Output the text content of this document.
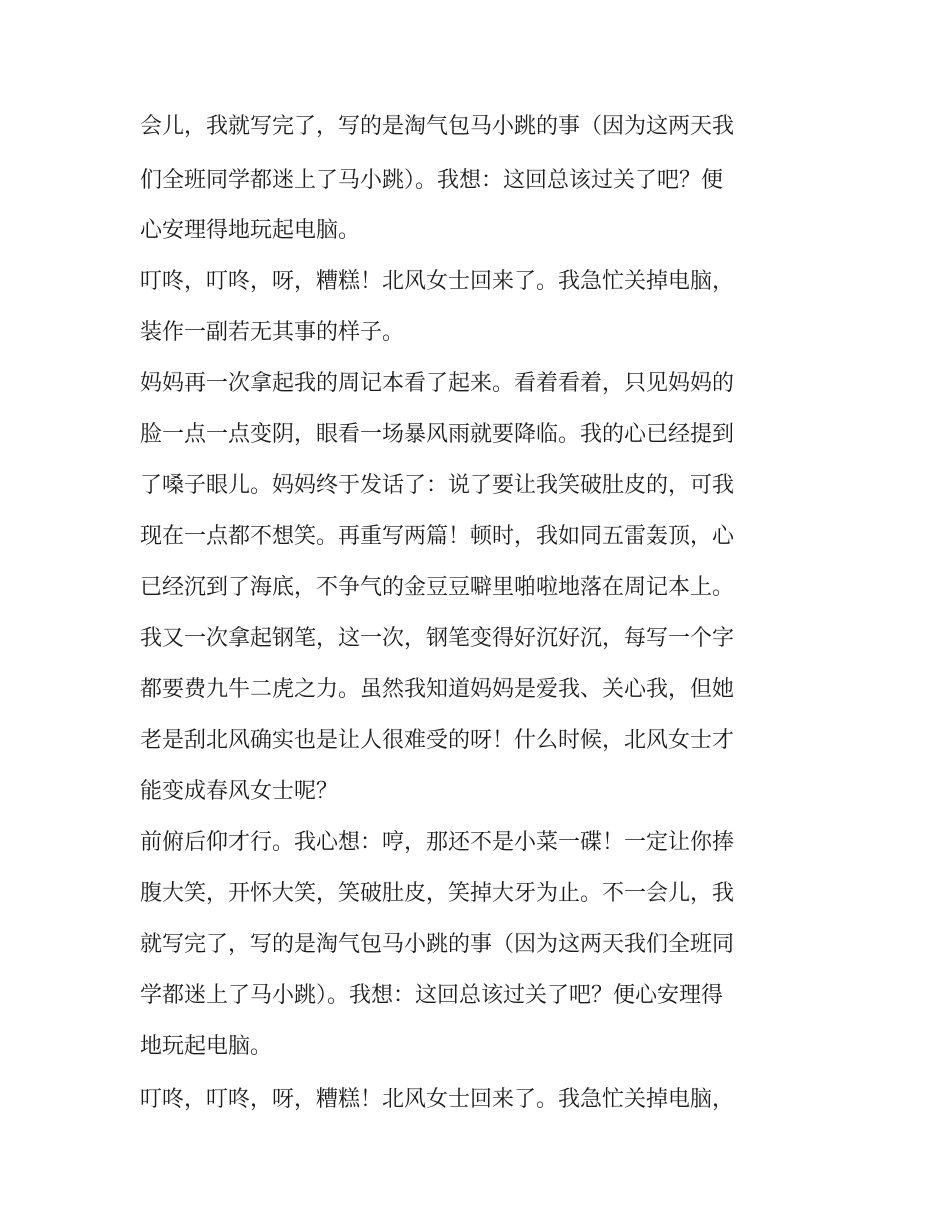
会儿，我就写完了，写的是淘气包马小跳的事（因为这两天我
们全班同学都迷上了马小跳）。我想：这回总该过关了吧？便
心安理得地玩起电脑。
叮咚，叮咚，呀，糟糕！北风女士回来了。我急忙关掉电脑，
装作一副若无其事的样子。
妈妈再一次拿起我的周记本看了起来。看着看着，只见妈妈的
脸一点一点变阴，眼看一场暴风雨就要降临。我的心已经提到
了嗓子眼儿。妈妈终于发话了：说了要让我笑破肚皮的，可我
现在一点都不想笑。再重写两篇！顿时，我如同五雷轰顶，心
已经沉到了海底，不争气的金豆豆噼里啪啦地落在周记本上。
我又一次拿起钢笔，这一次，钢笔变得好沉好沉，每写一个字
都要费九牛二虎之力。虽然我知道妈妈是爱我、关心我，但她
老是刮北风确实也是让人很难受的呀！什么时候，北风女士才
能变成春风女士呢？
前俯后仰才行。我心想：哼，那还不是小菜一碟！一定让你捧
腹大笑，开怀大笑，笑破肚皮，笑掉大牙为止。不一会儿，我
就写完了，写的是淘气包马小跳的事（因为这两天我们全班同
学都迷上了马小跳）。我想：这回总该过关了吧？便心安理得
地玩起电脑。
叮咚，叮咚，呀，糟糕！北风女士回来了。我急忙关掉电脑，
